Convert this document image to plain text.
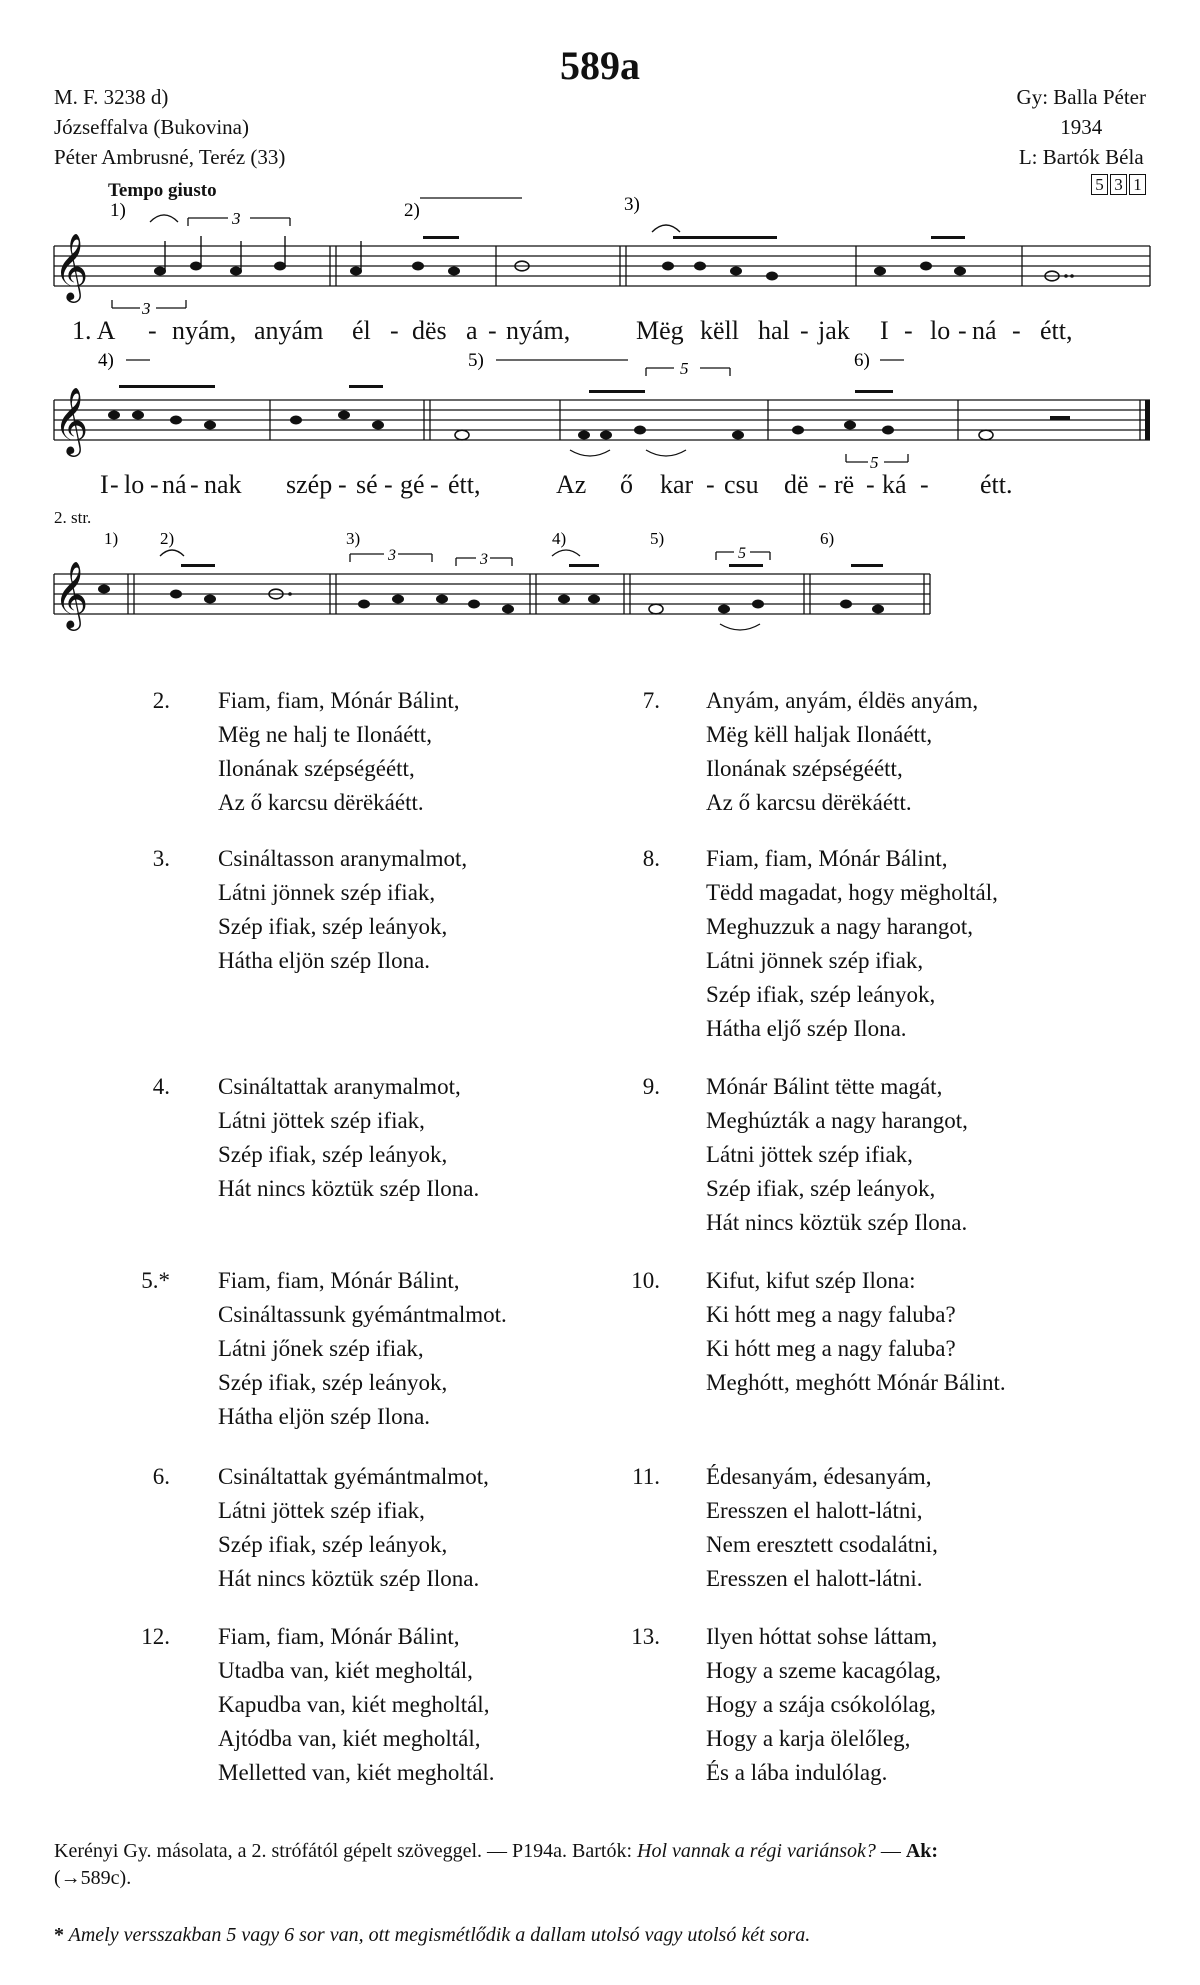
589a
M. F. 3238 d)
Józseffalva (Bukovina)
Péter Ambrusné, Teréz (33)
Gy: Balla Péter
1934
L: Bartók Béla
5 3 1
Tempo giusto
𝄞
1)	2)	3)
3
3
1. A - nyám, anyám él - dës a - nyám,	Mëg këll hal - jak I - lo - ná - étt,
𝄞
4)	5)	6)
5
5
I - lo - ná - nak szép - sé - gé - étt,	Az ő kar - csu dë - rë - ká - étt.
2. str.
𝄞
1) 2)	3)	4)	5)	6)
3	3	5
2. Fiam, fiam, Mónár Bálint,
Mëg ne halj te Ilonáétt,
Ilonának szépségéétt,
Az ő karcsu dërëkáétt.
3. Csináltasson aranymalmot,
Látni jönnek szép ifiak,
Szép ifiak, szép leányok,
Hátha eljön szép Ilona.
4. Csináltattak aranymalmot,
Látni jöttek szép ifiak,
Szép ifiak, szép leányok,
Hát nincs köztük szép Ilona.
5.* Fiam, fiam, Mónár Bálint,
Csináltassunk gyémántmalmot.
Látni jőnek szép ifiak,
Szép ifiak, szép leányok,
Hátha eljön szép Ilona.
6. Csináltattak gyémántmalmot,
Látni jöttek szép ifiak,
Szép ifiak, szép leányok,
Hát nincs köztük szép Ilona.
12. Fiam, fiam, Mónár Bálint,
Utadba van, kiét megholtál,
Kapudba van, kiét megholtál,
Ajtódba van, kiét megholtál,
Melletted van, kiét megholtál.
7. Anyám, anyám, éldës anyám,
Mëg këll haljak Ilonáétt,
Ilonának szépségéétt,
Az ő karcsu dërëkáétt.
8. Fiam, fiam, Mónár Bálint,
Tëdd magadat, hogy mëgholtál,
Meghuzzuk a nagy harangot,
Látni jönnek szép ifiak,
Szép ifiak, szép leányok,
Hátha eljő szép Ilona.
9. Mónár Bálint tëtte magát,
Meghúzták a nagy harangot,
Látni jöttek szép ifiak,
Szép ifiak, szép leányok,
Hát nincs köztük szép Ilona.
10. Kifut, kifut szép Ilona:
Ki hótt meg a nagy faluba?
Ki hótt meg a nagy faluba?
Meghótt, meghótt Mónár Bálint.
11. Édesanyám, édesanyám,
Eresszen el halott-látni,
Nem eresztett csodalátni,
Eresszen el halott-látni.
13. Ilyen hóttat sohse láttam,
Hogy a szeme kacagólag,
Hogy a szája csókolólag,
Hogy a karja ölelőleg,
És a lába indulólag.
Kerényi Gy. másolata, a 2. strófától gépelt szöveggel. — P194a. Bartók: Hol vannak a régi variánsok? — Ak:
(→589c).
* Amely versszakban 5 vagy 6 sor van, ott megismétlődik a dallam utolsó vagy utolsó két sora.
